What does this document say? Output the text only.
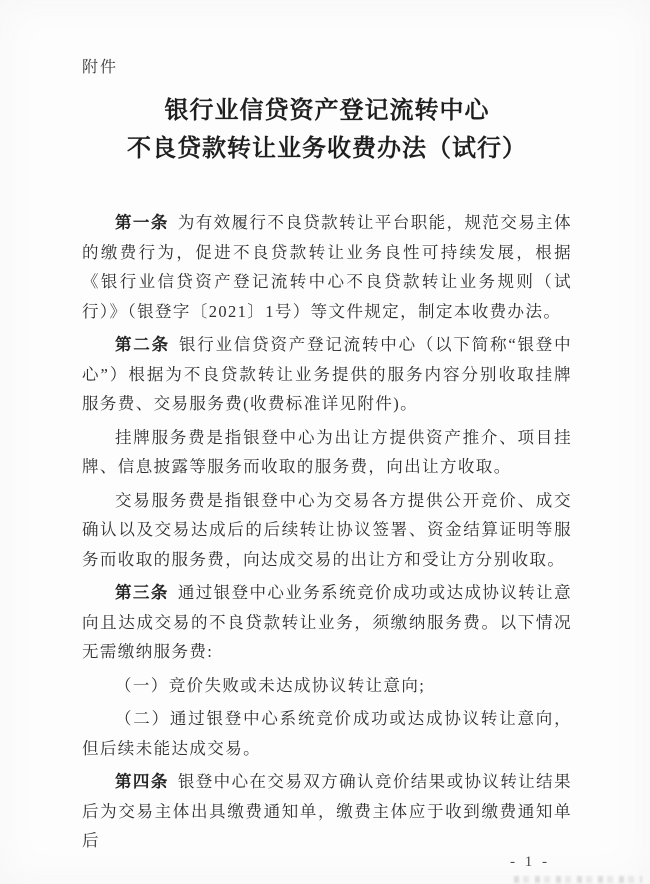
附件
银行业信贷资产登记流转中心
不良贷款转让业务收费办法（试行）

第一条 为有效履行不良贷款转让平台职能，规范交易主体的缴费行为，促进不良贷款转让业务良性可持续发展，根据《银行业信贷资产登记流转中心不良贷款转让业务规则（试行）》（银登字〔2021〕1号）等文件规定，制定本收费办法。

第二条 银行业信贷资产登记流转中心（以下简称“银登中心”）根据为不良贷款转让业务提供的服务内容分别收取挂牌服务费、交易服务费(收费标准详见附件)。

挂牌服务费是指银登中心为出让方提供资产推介、项目挂牌、信息披露等服务而收取的服务费，向出让方收取。

交易服务费是指银登中心为交易各方提供公开竞价、成交确认以及交易达成后的后续转让协议签署、资金结算证明等服务而收取的服务费，向达成交易的出让方和受让方分别收取。

第三条 通过银登中心业务系统竞价成功或达成协议转让意向且达成交易的不良贷款转让业务，须缴纳服务费。以下情况无需缴纳服务费:

（一）竞价失败或未达成协议转让意向;

（二）通过银登中心系统竞价成功或达成协议转让意向，但后续未能达成交易。

第四条 银登中心在交易双方确认竞价结果或协议转让结果后为交易主体出具缴费通知单，缴费主体应于收到缴费通知单后

- 1 -
